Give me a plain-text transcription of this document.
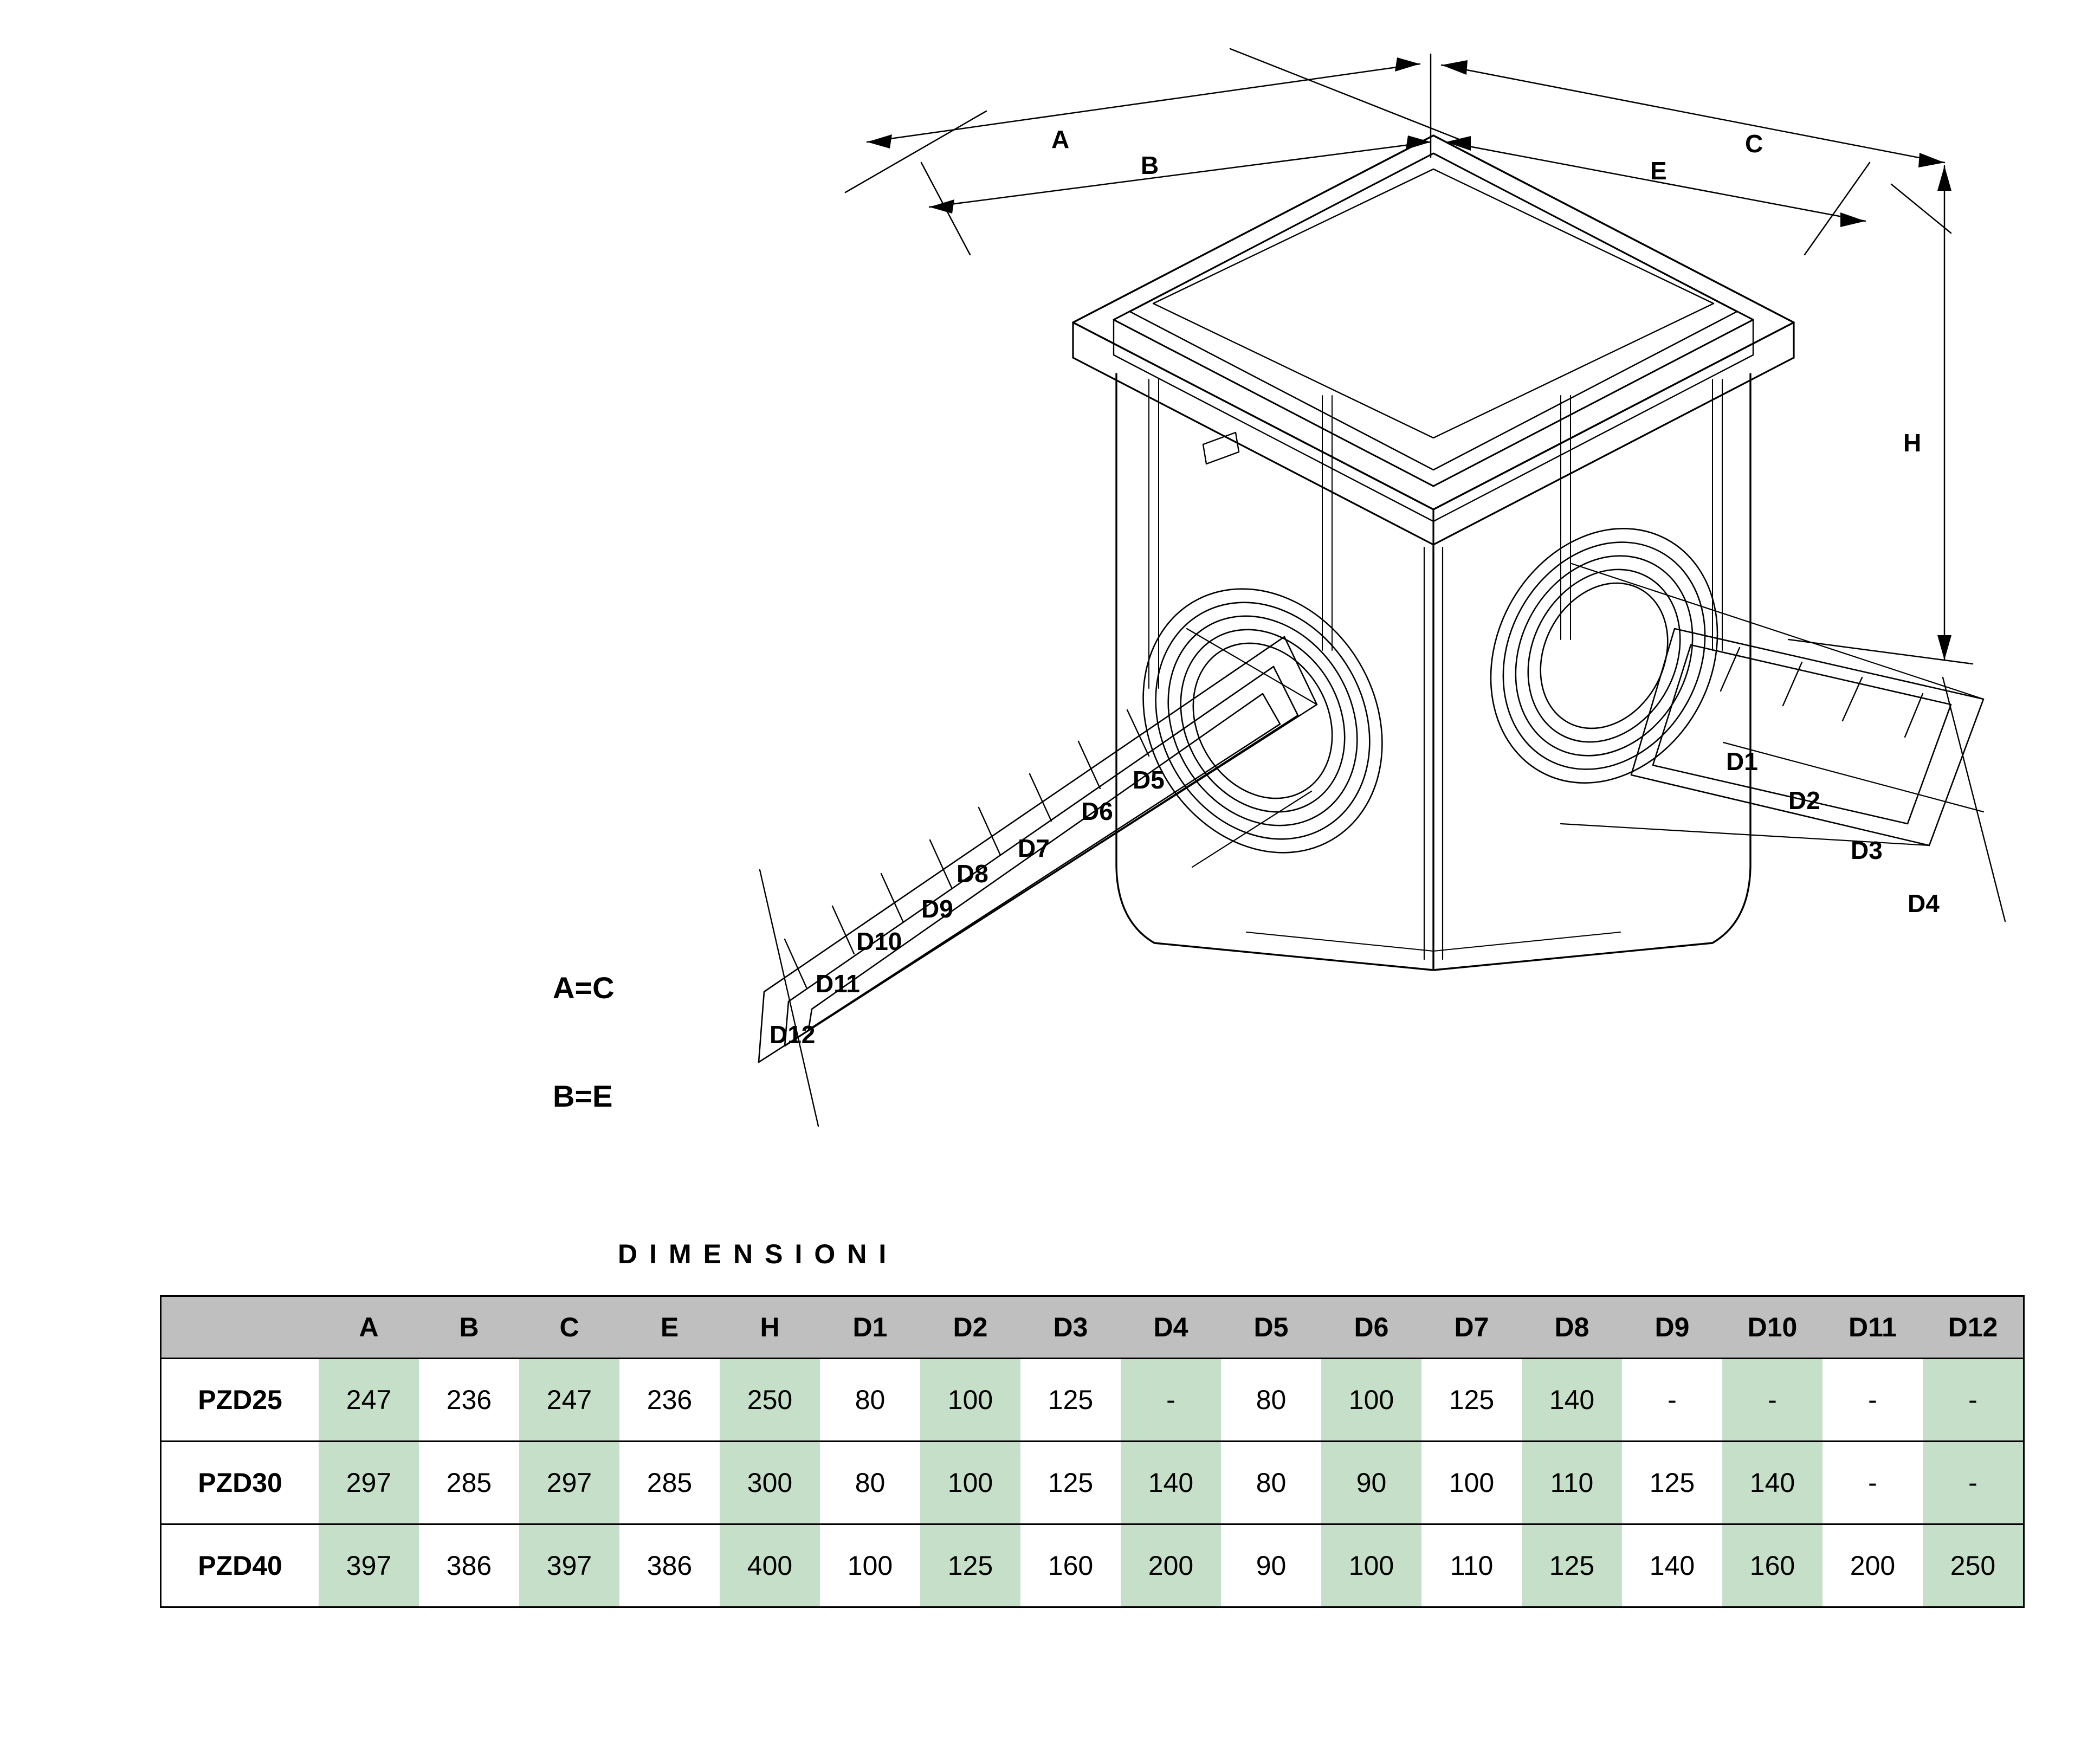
A
B
C
E
H
D1
D2
D3
D4
D5
D6
D7
D8
D9
D10
D11
D12
A=C
B=E
DIMENSIONI
	A	B	C	E	H	D1	D2	D3	D4	D5	D6	D7	D8	D9	D10	D11	D12
PZD25	247	236	247	236	250	80	100	125	-	80	100	125	140	-	-	-	-
PZD30	297	285	297	285	300	80	100	125	140	80	90	100	110	125	140	-	-
PZD40	397	386	397	386	400	100	125	160	200	90	100	110	125	140	160	200	250
